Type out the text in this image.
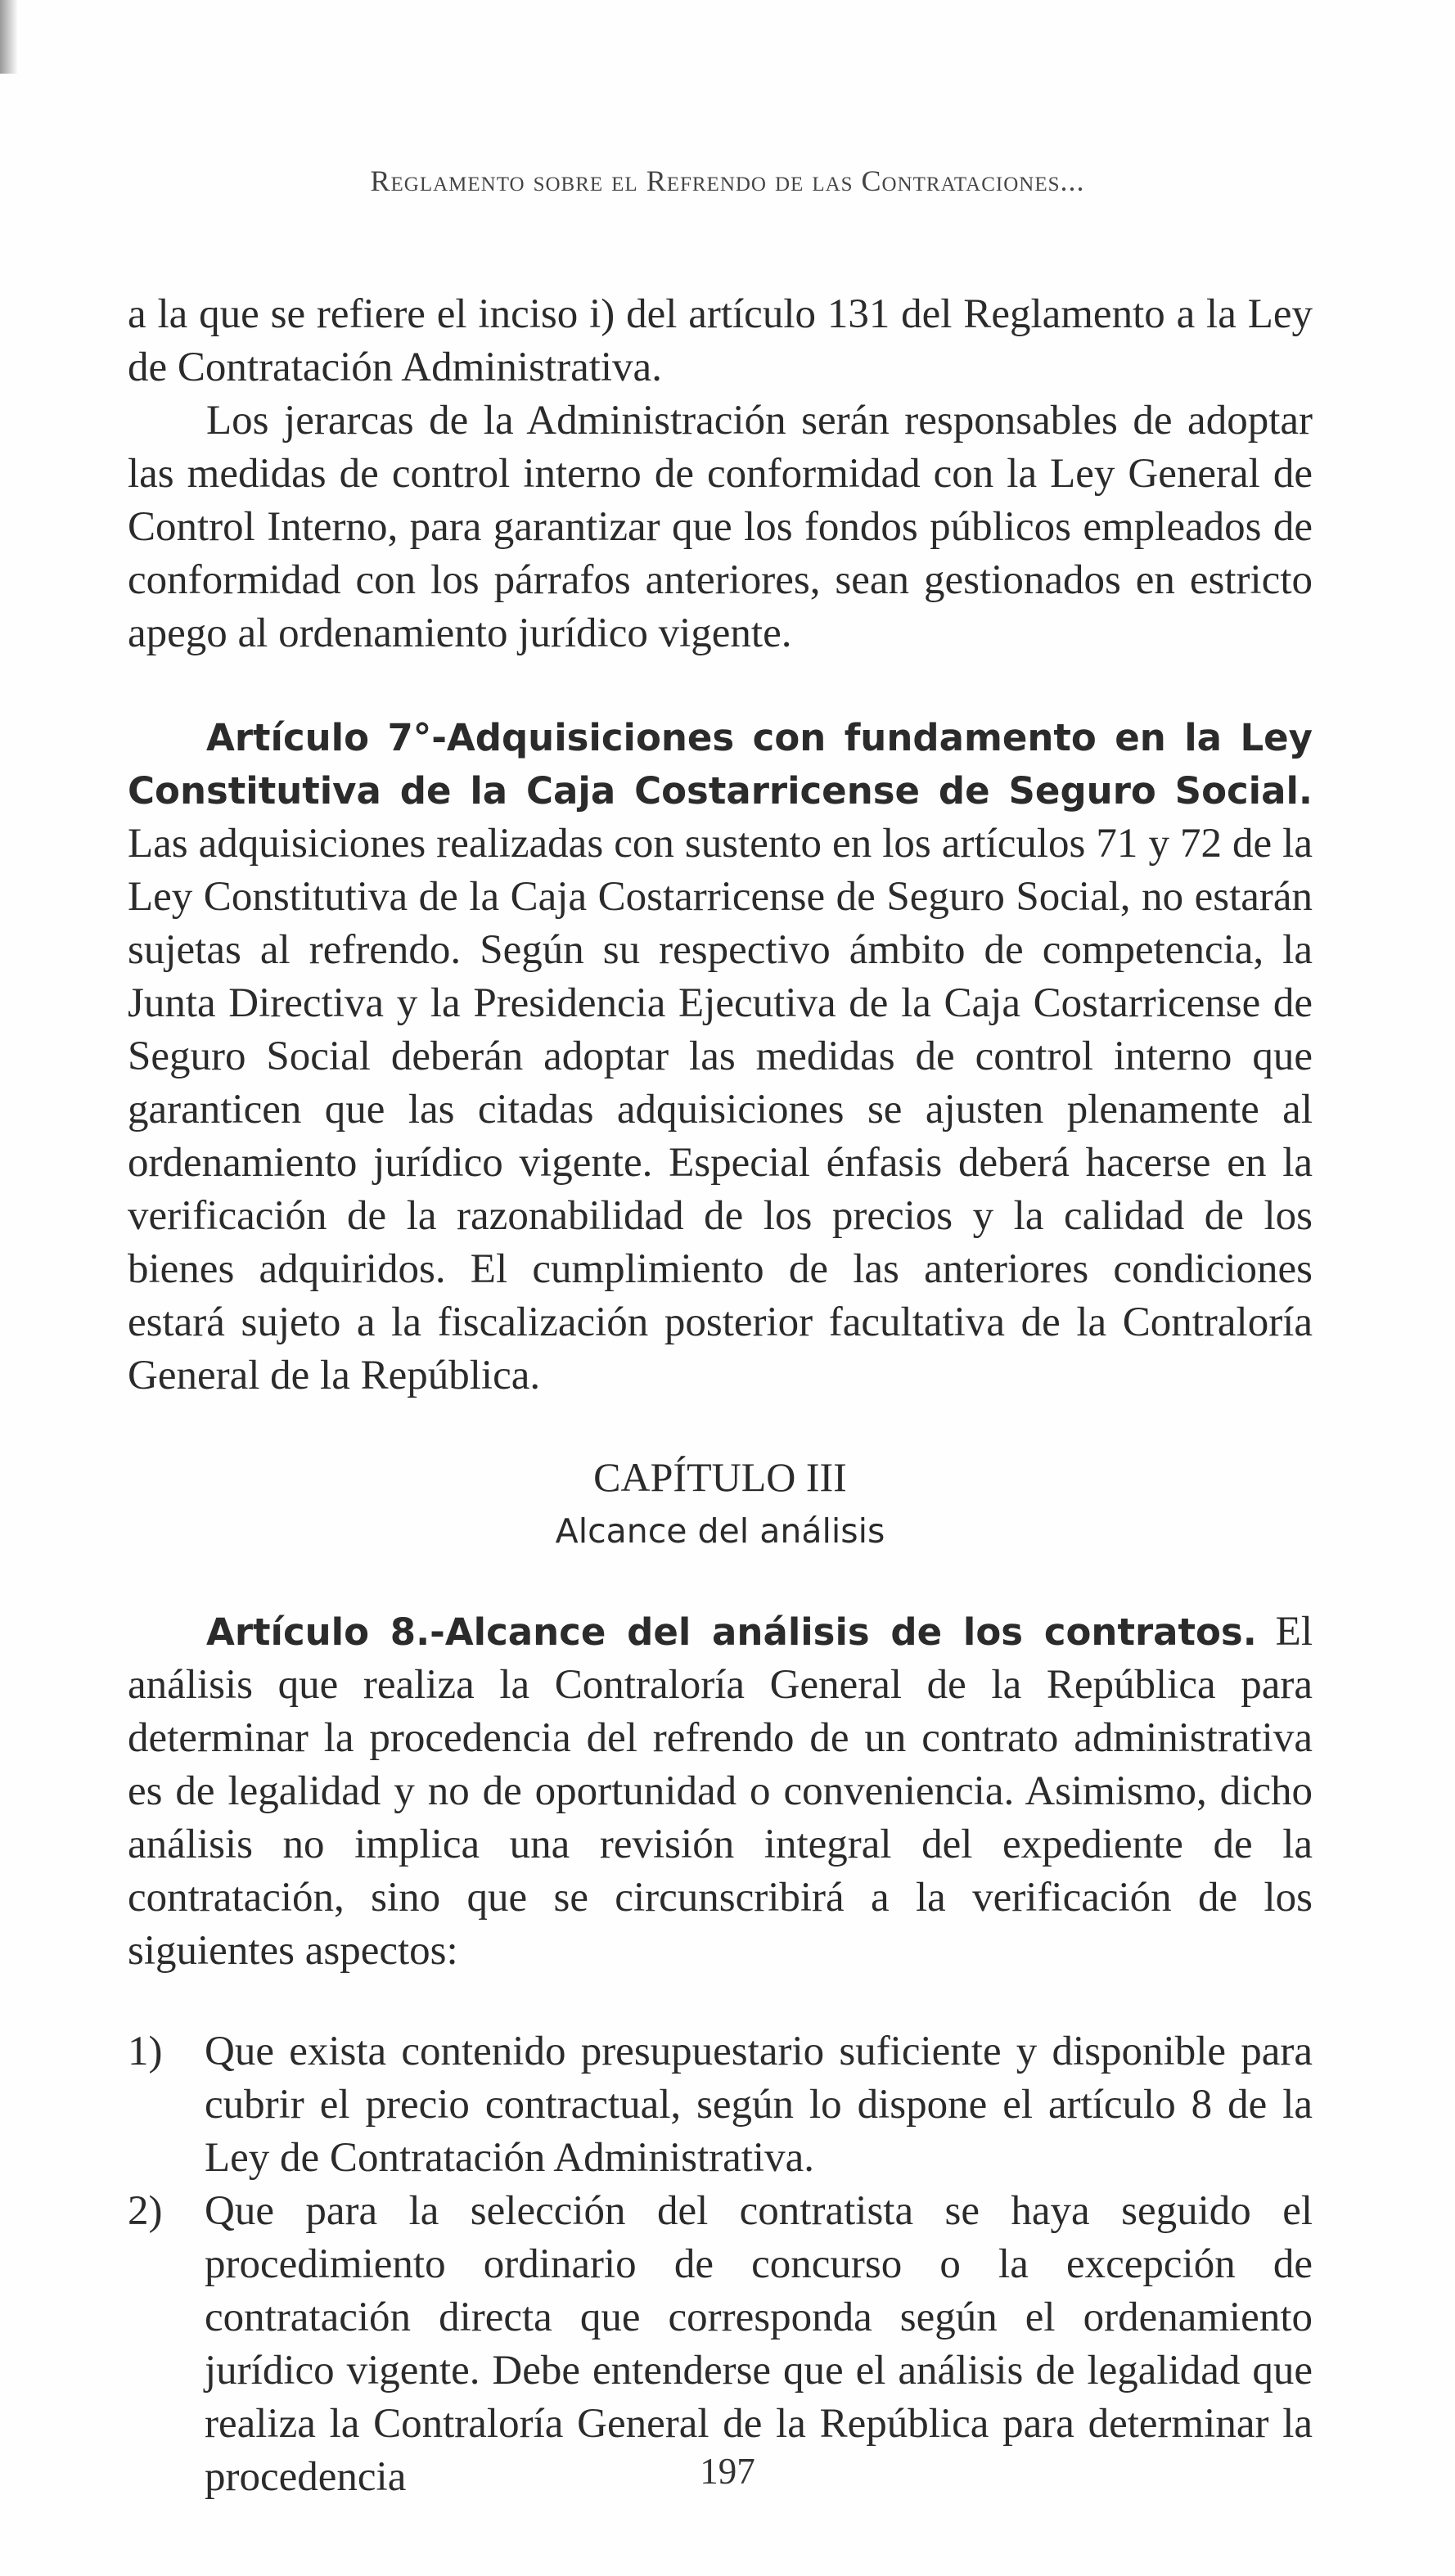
Reglamento sobre el Refrendo de las Contrataciones...

a la que se refiere el inciso i) del artículo 131 del Reglamento a la Ley de Contratación Administrativa.

Los jerarcas de la Administración serán responsables de adoptar las medidas de control interno de conformidad con la Ley General de Control Interno, para garantizar que los fondos públicos empleados de conformidad con los párrafos anteriores, sean gestionados en estricto apego al ordenamiento jurídico vigente.

Artículo 7°-Adquisiciones con fundamento en la Ley Constitutiva de la Caja Costarricense de Seguro Social. Las adquisiciones realizadas con sustento en los artículos 71 y 72 de la Ley Constitutiva de la Caja Costarricense de Seguro Social, no estarán sujetas al refrendo. Según su respectivo ámbito de competencia, la Junta Directiva y la Presidencia Ejecutiva de la Caja Costarricense de Seguro Social deberán adoptar las medidas de control interno que garanticen que las citadas adquisiciones se ajusten plenamente al ordenamiento jurídico vigente. Especial énfasis deberá hacerse en la verificación de la razonabilidad de los precios y la calidad de los bienes adquiridos. El cumplimiento de las anteriores condiciones estará sujeto a la fiscalización posterior facultativa de la Contraloría General de la República.

CAPÍTULO III

Alcance del análisis

Artículo 8.-Alcance del análisis de los contratos. El análisis que realiza la Contraloría General de la República para determinar la procedencia del refrendo de un contrato administrativa es de legalidad y no de oportunidad o conveniencia. Asimismo, dicho análisis no implica una revisión integral del expediente de la contratación, sino que se circunscribirá a la verificación de los siguientes aspectos:

1) Que exista contenido presupuestario suficiente y disponible para cubrir el precio contractual, según lo dispone el artículo 8 de la Ley de Contratación Administrativa.
2) Que para la selección del contratista se haya seguido el procedimiento ordinario de concurso o la excepción de contratación directa que corresponda según el ordenamiento jurídico vigente. Debe entenderse que el análisis de legalidad que realiza la Contraloría General de la República para determinar la procedencia	197
